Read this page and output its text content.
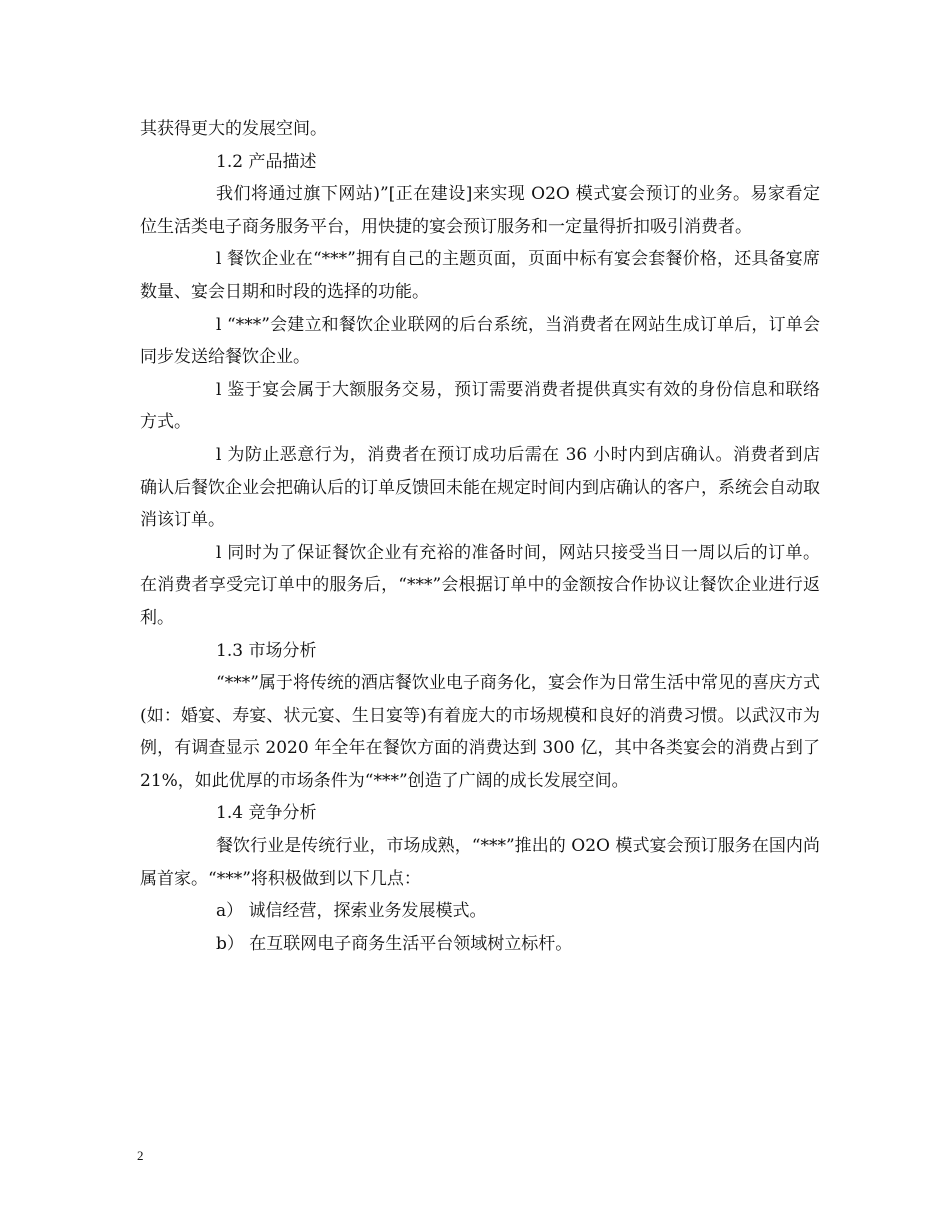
其获得更大的发展空间。

1.2 产品描述

我们将通过旗下网站)”[正在建设]来实现 O2O 模式宴会预订的业务。易家看定位生活类电子商务服务平台，用快捷的宴会预订服务和一定量得折扣吸引消费者。

l 餐饮企业在“***”拥有自己的主题页面，页面中标有宴会套餐价格，还具备宴席数量、宴会日期和时段的选择的功能。

l “***”会建立和餐饮企业联网的后台系统，当消费者在网站生成订单后，订单会同步发送给餐饮企业。

l 鉴于宴会属于大额服务交易，预订需要消费者提供真实有效的身份信息和联络方式。

l 为防止恶意行为，消费者在预订成功后需在 36 小时内到店确认。消费者到店确认后餐饮企业会把确认后的订单反馈回未能在规定时间内到店确认的客户，系统会自动取消该订单。

l 同时为了保证餐饮企业有充裕的准备时间，网站只接受当日一周以后的订单。在消费者享受完订单中的服务后，“***”会根据订单中的金额按合作协议让餐饮企业进行返利。

1.3 市场分析

“***”属于将传统的酒店餐饮业电子商务化，宴会作为日常生活中常见的喜庆方式(如：婚宴、寿宴、状元宴、生日宴等)有着庞大的市场规模和良好的消费习惯。以武汉市为例，有调查显示 2020 年全年在餐饮方面的消费达到 300 亿，其中各类宴会的消费占到了 21%，如此优厚的市场条件为“***”创造了广阔的成长发展空间。

1.4 竞争分析

餐饮行业是传统行业，市场成熟，“***”推出的 O2O 模式宴会预订服务在国内尚属首家。“***”将积极做到以下几点：

a） 诚信经营，探索业务发展模式。

b） 在互联网电子商务生活平台领域树立标杆。

2
